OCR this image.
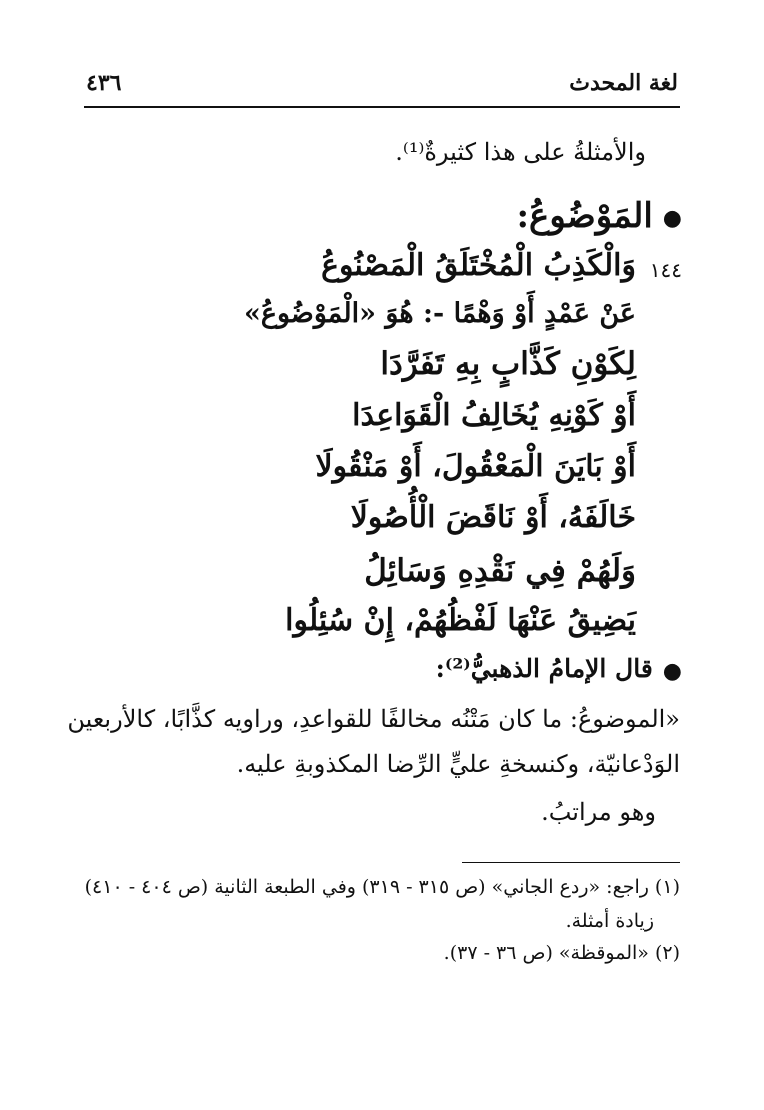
٤٣٦	لغة المحدث
والأمثلةُ على هذا كثيرةٌ⁽¹⁾.
●المَوْضُوعُ:
١٤٤
وَالْكَذِبُ الْمُخْتَلَقُ الْمَصْنُوعُ
عَنْ عَمْدٍ أَوْ وَهْمًا -: هُوَ «الْمَوْضُوعُ»
لِكَوْنِ كَذَّابٍ بِهِ تَفَرَّدَا
أَوْ كَوْنِهِ يُخَالِفُ الْقَوَاعِدَا
أَوْ بَايَنَ الْمَعْقُولَ، أَوْ مَنْقُولَا
خَالَفَهُ، أَوْ نَاقَضَ الْأُصُولَا
وَلَهُمْ فِي نَقْدِهِ وَسَائِلُ
يَضِيقُ عَنْهَا لَفْظُهُمْ، إِنْ سُئِلُوا
●قال الإمامُ الذهبيُّ⁽²⁾:
«الموضوعُ: ما كان مَتْنُه مخالفًا للقواعدِ، وراويه كذَّابًا، كالأربعين
الوَدْعانيّة، وكنسخةِ عليٍّ الرِّضا المكذوبةِ عليه.
وهو مراتبُ.
(١) راجع: «ردع الجاني» (ص ٣١٥ - ٣١٩) وفي الطبعة الثانية (ص ٤٠٤ - ٤١٠)
زيادة أمثلة.
(٢) «الموقظة» (ص ٣٦ - ٣٧).
